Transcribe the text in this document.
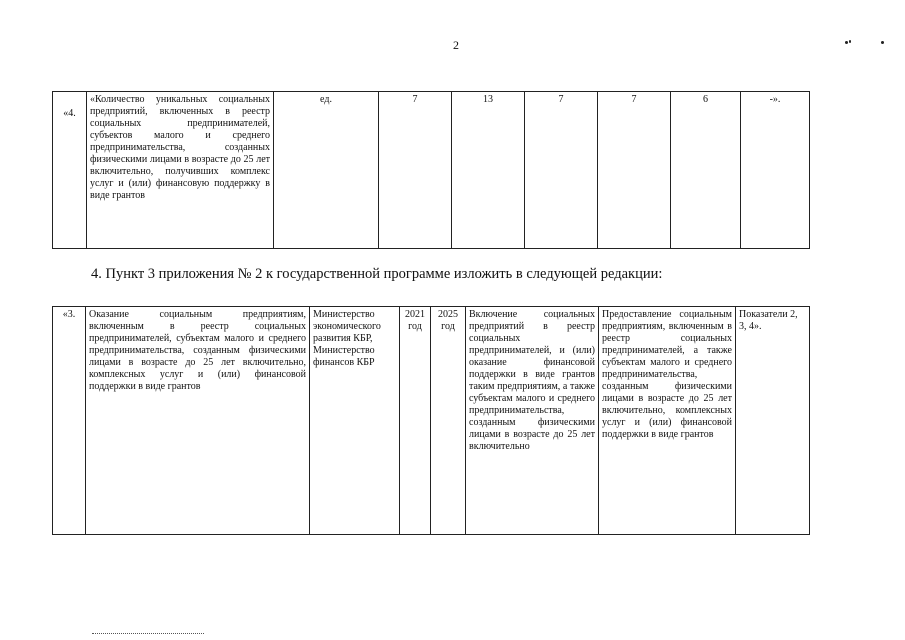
2
«4.	«Количество уникальных социальных предприятий, включенных в реестр социальных предпринимателей, субъектов малого и среднего предпринимательства, созданных физическими лицами в возрасте до 25 лет включительно, получивших комплекс услуг и (или) финансовую поддержку в виде грантов	ед.	7	13	7	7	6	-».
4. Пункт 3 приложения № 2 к государственной программе изложить в следующей редакции:
«3.	Оказание социальным предприятиям, включенным в реестр социальных предпринимателей, субъектам малого и среднего предпринимательства, созданным физическими лицами в возрасте до 25 лет включительно, комплексных услуг и (или) финансовой поддержки в виде грантов	Министерство экономического развития КБР, Министерство финансов КБР	2021 год	2025 год	Включение социальных предприятий в реестр социальных предпринимателей, и (или) оказание финансовой поддержки в виде грантов таким предприятиям, а также субъектам малого и среднего предпринимательства, созданным физическими лицами в возрасте до 25 лет включительно	Предоставление социальным предприятиям, включенным в реестр социальных предпринимателей, а также субъектам малого и среднего предпринимательства, созданным физическими лицами в возрасте до 25 лет включительно, комплексных услуг и (или) финансовой поддержки в виде грантов	Показатели 2, 3, 4».
